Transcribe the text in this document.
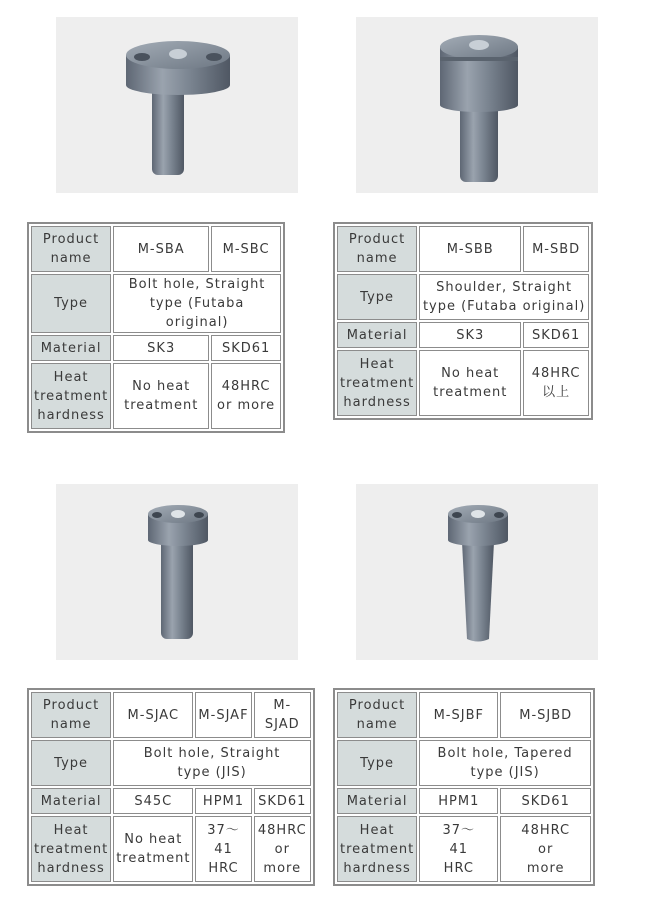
Product name	M-SBA	M-SBC
Type	Bolt hole, Straight type (Futaba original)	
Material	SK3	SKD61
Heat treatment hardness	No heat treatment	48HRC or more
Product name	M-SBB	M-SBD
Type	Shoulder, Straight type (Futaba original)	
Material	SK3	SKD61
Heat treatment hardness	No heat treatment	48HRC以上
Product name	M-SJAC	M-SJAF	M-SJAD
Type	Bolt hole, Straight type (JIS)		
Material	S45C	HPM1	SKD61
Heat treatment hardness	No heat treatment	37～41 HRC	48HRC or more
Product name	M-SJBF	M-SJBD
Type	Bolt hole, Tapered type (JIS)	
Material	HPM1	SKD61
Heat treatment hardness	37～41 HRC	48HRC or more
